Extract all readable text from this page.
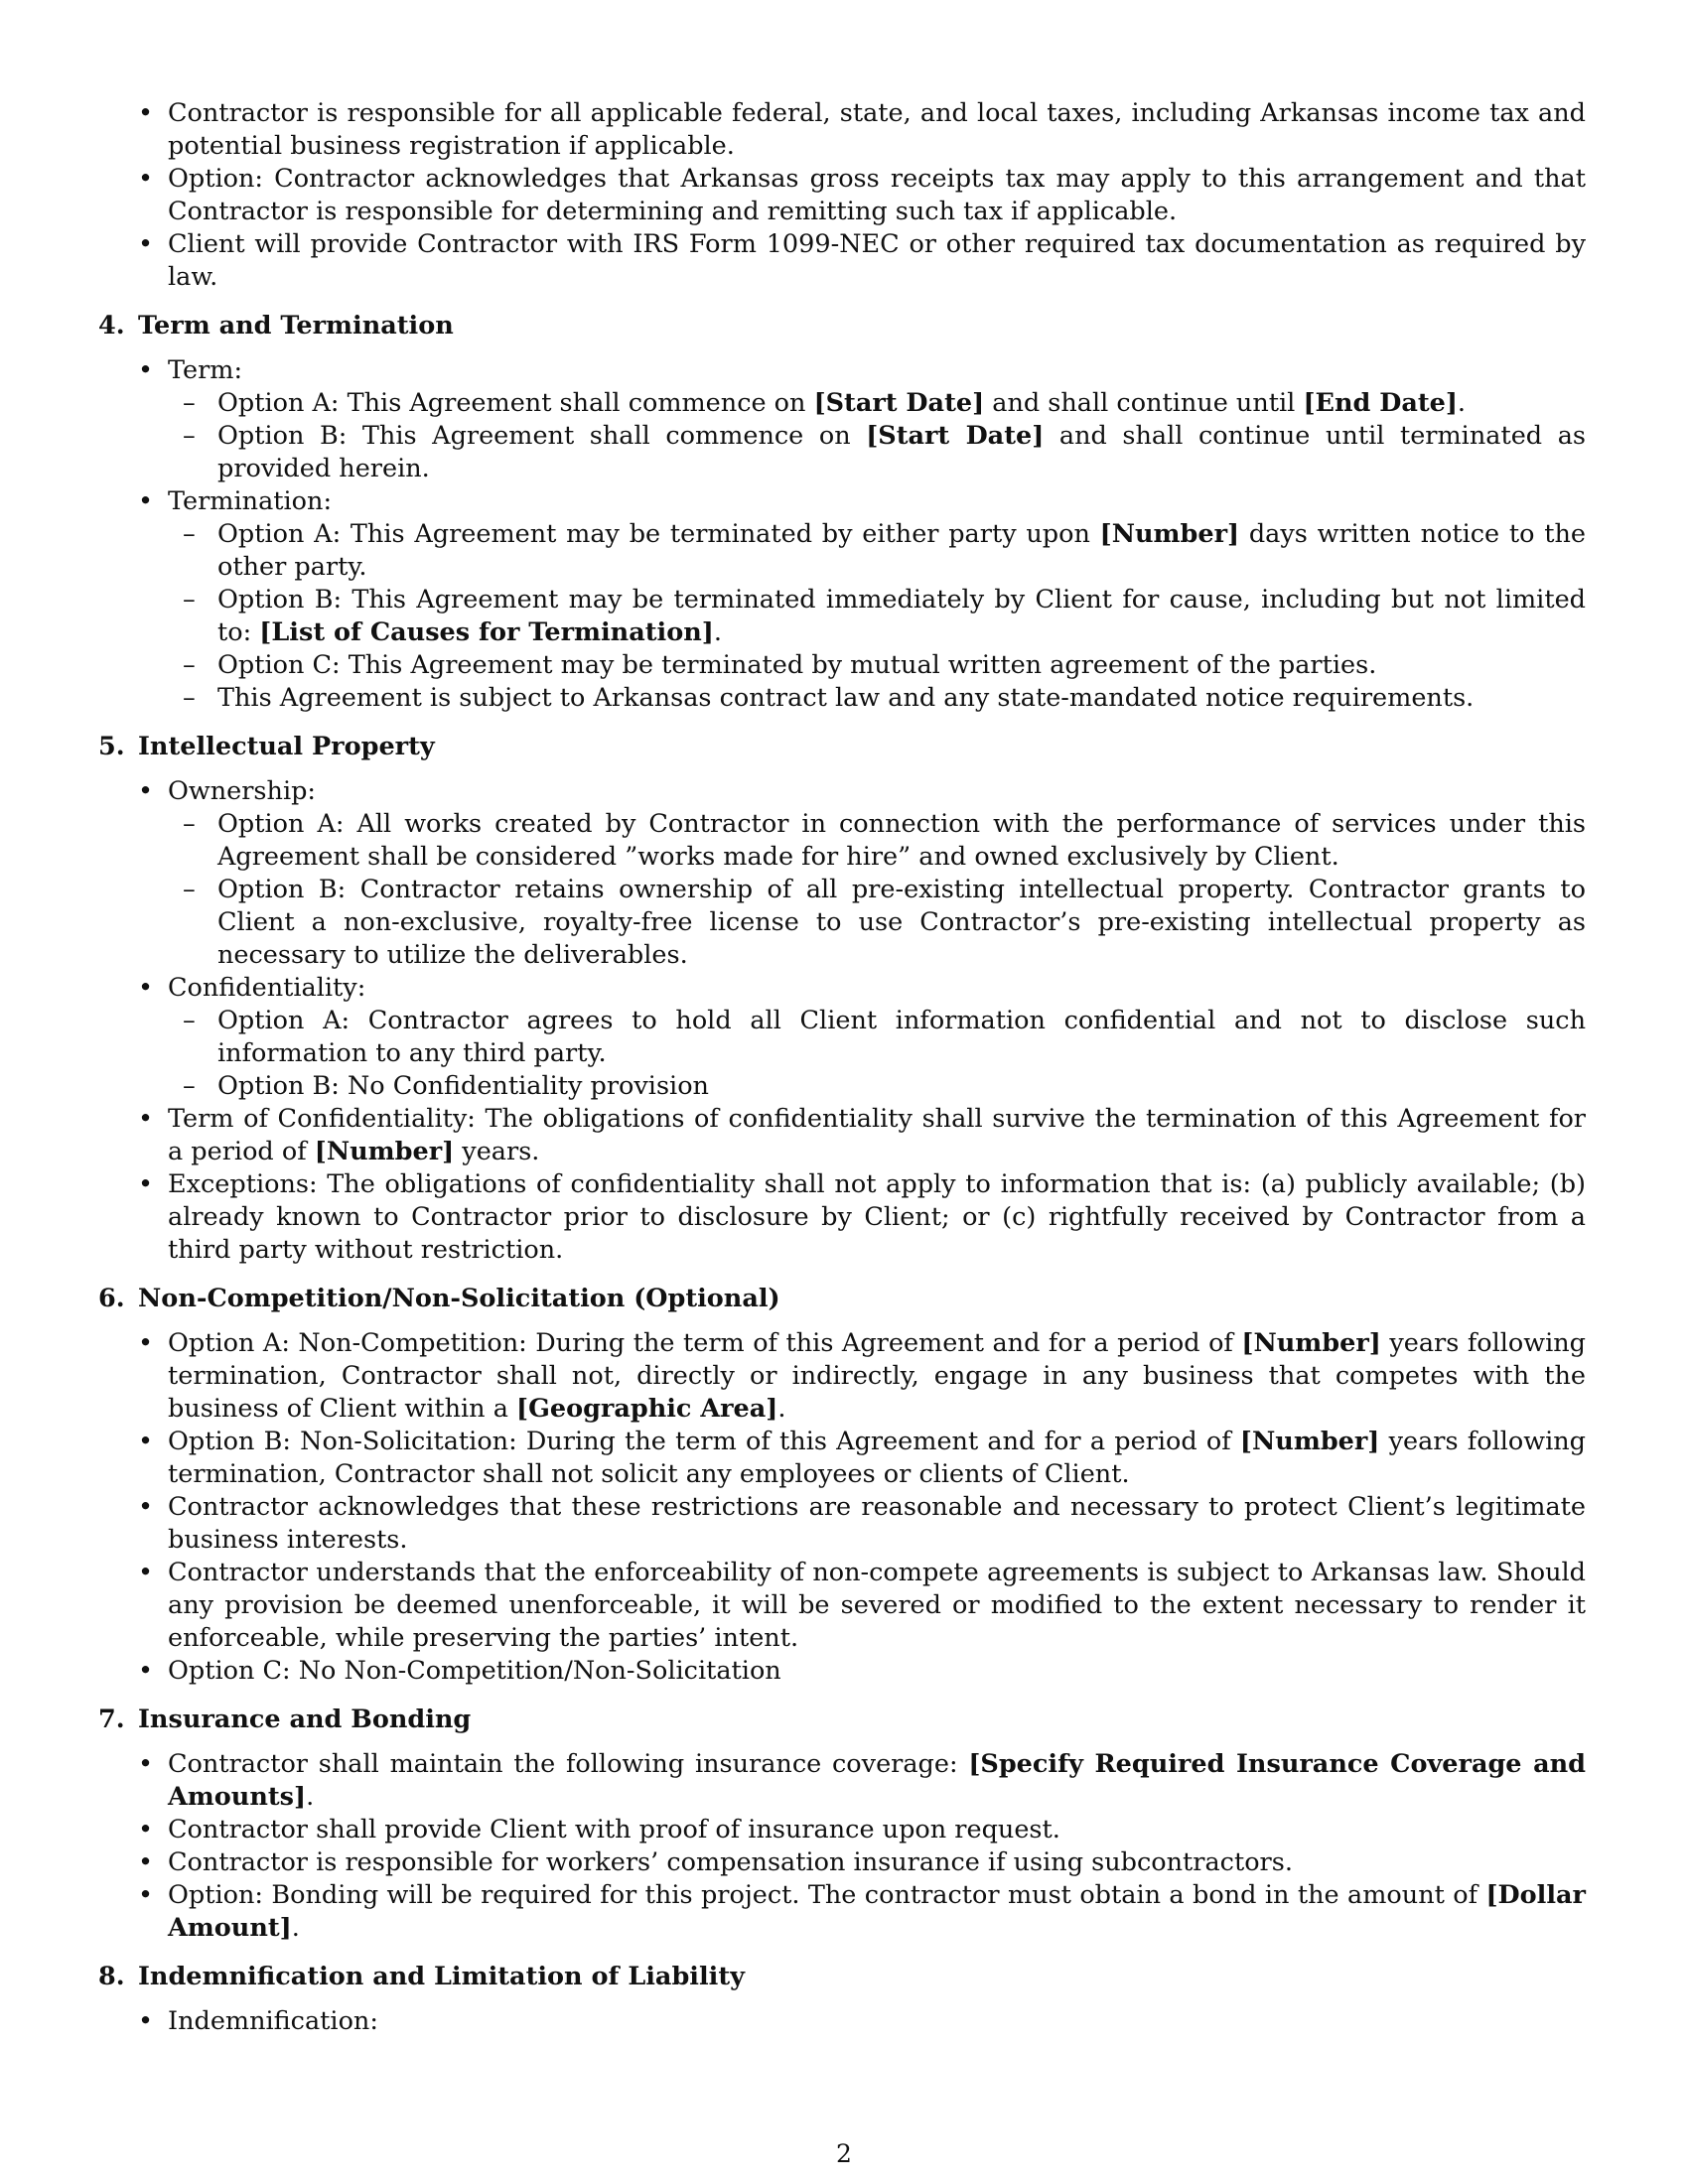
• Contractor is responsible for all applicable federal, state, and local taxes, including Arkansas income tax and potential business registration if applicable.
• Option: Contractor acknowledges that Arkansas gross receipts tax may apply to this arrangement and that Contractor is responsible for determining and remitting such tax if applicable.
• Client will provide Contractor with IRS Form 1099-NEC or other required tax documentation as required by law.
4. Term and Termination
• Term:
– Option A: This Agreement shall commence on [Start Date] and shall continue until [End Date].
– Option B: This Agreement shall commence on [Start Date] and shall continue until terminated as provided herein.
• Termination:
– Option A: This Agreement may be terminated by either party upon [Number] days written notice to the other party.
– Option B: This Agreement may be terminated immediately by Client for cause, including but not limited to: [List of Causes for Termination].
– Option C: This Agreement may be terminated by mutual written agreement of the parties.
– This Agreement is subject to Arkansas contract law and any state-mandated notice requirements.
5. Intellectual Property
• Ownership:
– Option A: All works created by Contractor in connection with the performance of services under this Agreement shall be considered ”works made for hire” and owned exclusively by Client.
– Option B: Contractor retains ownership of all pre-existing intellectual property. Contractor grants to Client a non-exclusive, royalty-free license to use Contractor’s pre-existing intellectual property as necessary to utilize the deliverables.
• Confidentiality:
– Option A: Contractor agrees to hold all Client information confidential and not to disclose such information to any third party.
– Option B: No Confidentiality provision
• Term of Confidentiality: The obligations of confidentiality shall survive the termination of this Agreement for a period of [Number] years.
• Exceptions: The obligations of confidentiality shall not apply to information that is: (a) publicly available; (b) already known to Contractor prior to disclosure by Client; or (c) rightfully received by Contractor from a third party without restriction.
6. Non-Competition/Non-Solicitation (Optional)
• Option A: Non-Competition: During the term of this Agreement and for a period of [Number] years following termination, Contractor shall not, directly or indirectly, engage in any business that competes with the business of Client within a [Geographic Area].
• Option B: Non-Solicitation: During the term of this Agreement and for a period of [Number] years following termination, Contractor shall not solicit any employees or clients of Client.
• Contractor acknowledges that these restrictions are reasonable and necessary to protect Client’s legitimate business interests.
• Contractor understands that the enforceability of non-compete agreements is subject to Arkansas law. Should any provision be deemed unenforceable, it will be severed or modified to the extent necessary to render it enforceable, while preserving the parties’ intent.
• Option C: No Non-Competition/Non-Solicitation
7. Insurance and Bonding
• Contractor shall maintain the following insurance coverage: [Specify Required Insurance Coverage and Amounts].
• Contractor shall provide Client with proof of insurance upon request.
• Contractor is responsible for workers’ compensation insurance if using subcontractors.
• Option: Bonding will be required for this project. The contractor must obtain a bond in the amount of [Dollar Amount].
8. Indemnification and Limitation of Liability
• Indemnification:
2
